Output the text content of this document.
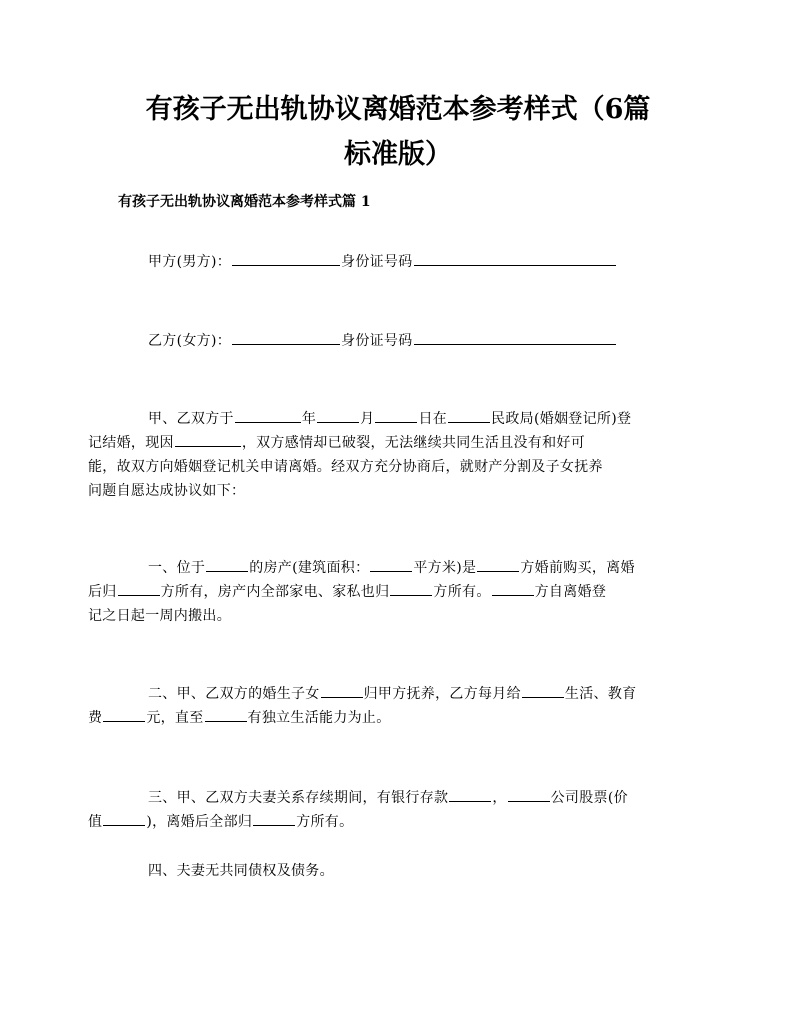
有孩子无出轨协议离婚范本参考样式（6篇
标准版）
有孩子无出轨协议离婚范本参考样式篇 1

甲方(男方)：	身份证号码

乙方(女方)：	身份证号码

甲、乙双方于	年	月	日在	民政局(婚姻登记所)登
记结婚，现因	，双方感情却已破裂，无法继续共同生活且没有和好可
能，故双方向婚姻登记机关申请离婚。经双方充分协商后，就财产分割及子女抚养
问题自愿达成协议如下：

一、位于	的房产(建筑面积：	平方米)是	方婚前购买，离婚
后归	方所有，房产内全部家电、家私也归	方所有。	方自离婚登
记之日起一周内搬出。

二、甲、乙双方的婚生子女	归甲方抚养，乙方每月给	生活、教育
费	元，直至	有独立生活能力为止。

三、甲、乙双方夫妻关系存续期间，有银行存款	，	公司股票(价
值	)，离婚后全部归	方所有。

四、夫妻无共同债权及债务。
